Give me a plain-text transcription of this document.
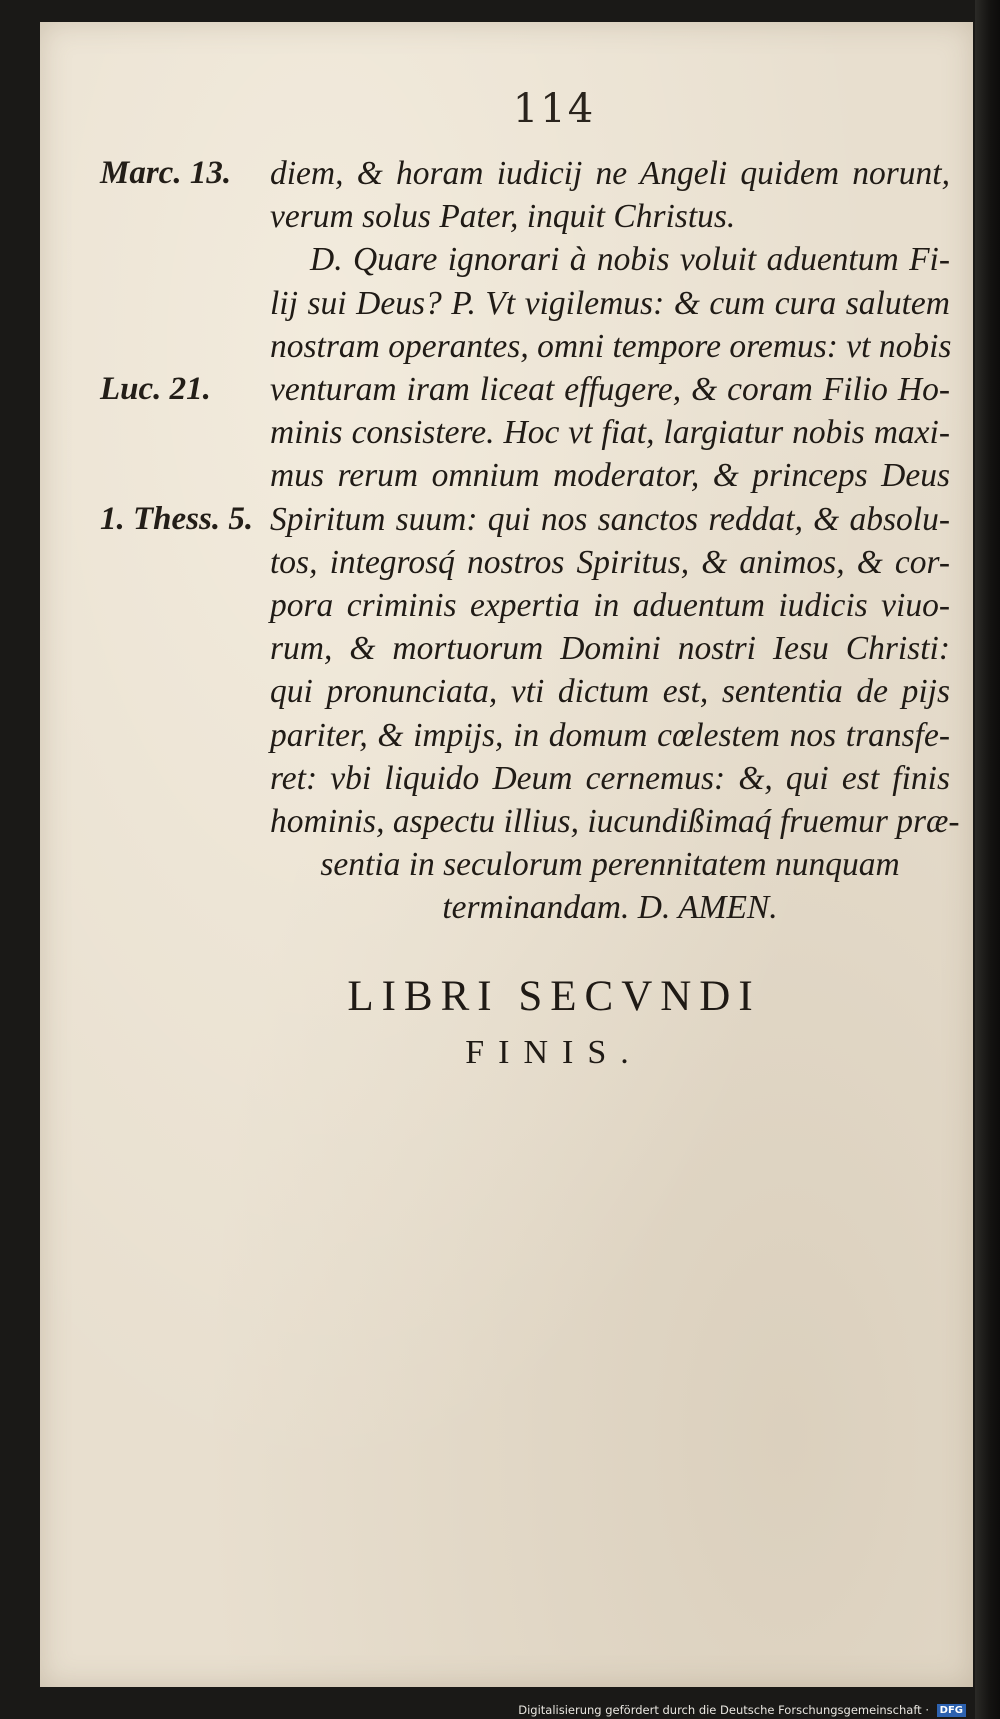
114
Marc. 13.
Luc. 21.
1. Thess. 5.
diem, & horam iudicij ne Angeli quidem norunt,
verum solus Pater, inquit Christus.
D. Quare ignorari à nobis voluit aduentum Fi-
lij sui Deus? P. Vt vigilemus: & cum cura salutem
nostram operantes, omni tempore oremus: vt nobis
venturam iram liceat effugere, & coram Filio Ho-
minis consistere. Hoc vt fiat, largiatur nobis maxi-
mus rerum omnium moderator, & princeps Deus
Spiritum suum: qui nos sanctos reddat, & absolu-
tos, integrosq́ nostros Spiritus, & animos, & cor-
pora criminis expertia in aduentum iudicis viuo-
rum, & mortuorum Domini nostri Iesu Christi:
qui pronunciata, vti dictum est, sententia de pijs
pariter, & impijs, in domum cœlestem nos transfe-
ret: vbi liquido Deum cernemus: &, qui est finis
hominis, aspectu illius, iucundißimaq́ fruemur præ-
sentia in seculorum perennitatem nunquam
terminandam. D. AMEN.
LIBRI SECVNDI
FINIS.
Digitalisierung gefördert durch die Deutsche Forschungsgemeinschaft · DFG
